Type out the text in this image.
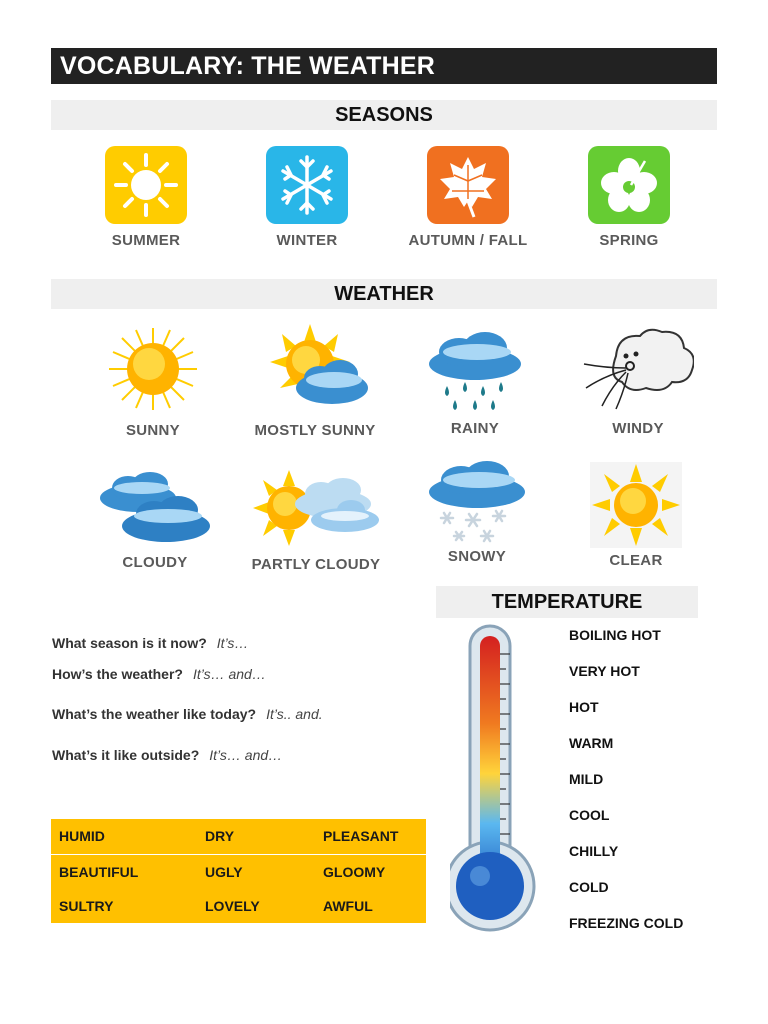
VOCABULARY: THE WEATHER
SEASONS
SUMMER	WINTER	AUTUMN / FALL	SPRING
WEATHER
SUNNY	MOSTLY SUNNY	RAINY	WINDY
CLOUDY	PARTLY CLOUDY	SNOWY	CLEAR
TEMPERATURE
BOILING HOT
VERY HOT
HOT
WARM
MILD
COOL
CHILLY
COLD
FREEZING COLD
What season is it now? It’s…
How’s the weather? It’s… and…
What’s the weather like today? It’s.. and.
What’s it like outside? It’s… and…
HUMID	DRY	PLEASANT
BEAUTIFUL	UGLY	GLOOMY
SULTRY	LOVELY	AWFUL
